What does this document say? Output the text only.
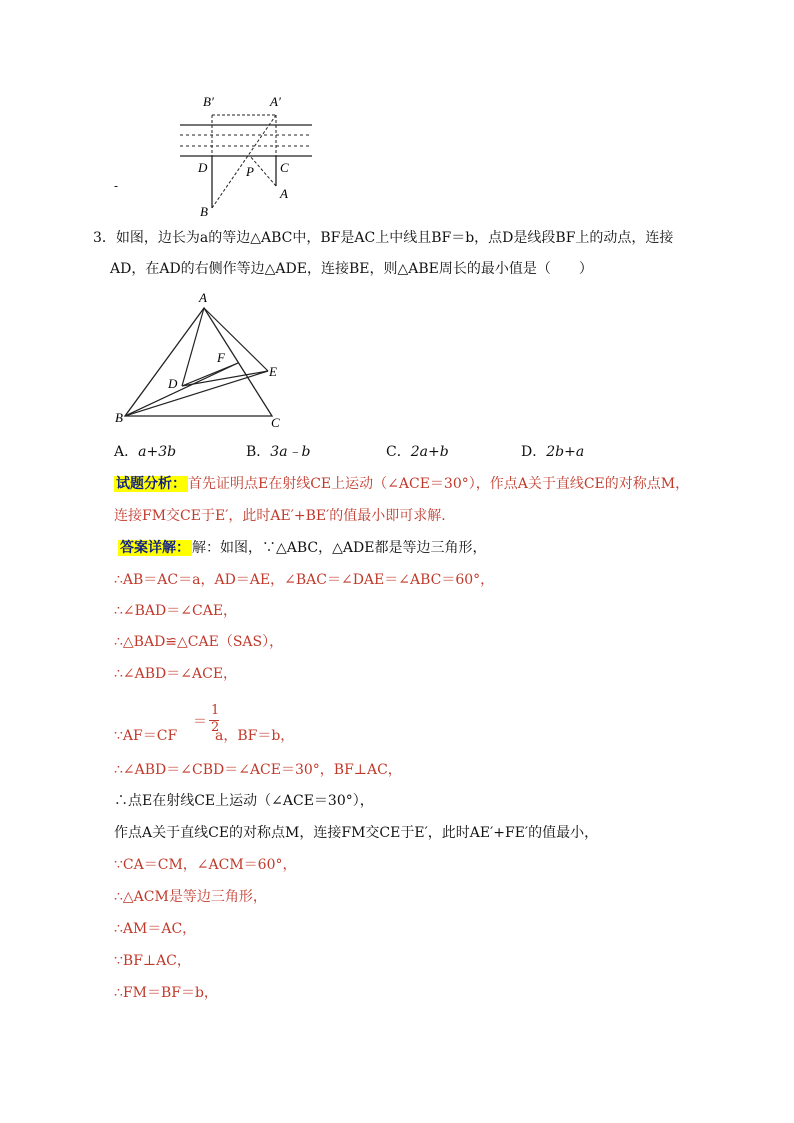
B′	A′
D	C
P
A
B
-
3．如图，边长为a的等边△ABC中，BF是AC上中线且BF＝b，点D是线段BF上的动点，连接
AD，在AD的右侧作等边△ADE，连接BE，则△ABE周长的最小值是（　　）
A
F
D
E
B	C
A．a+3b	B．3a﹣b	C．2a+b	D．2b+a
试题分析： 首先证明点E在射线CE上运动（∠ACE＝30°），作点A关于直线CE的对称点M，
连接FM交CE于E′，此时AE′+BE′的值最小即可求解.
答案详解： 解：如图，∵△ABC，△ADE都是等边三角形，
∴AB＝AC＝a，AD＝AE，∠BAC＝∠DAE＝∠ABC＝60°，
∴∠BAD＝∠CAE，
∴△BAD≌△CAE（SAS），
∴∠ABD＝∠ACE，
∵AF＝CF
＝
1
2
a，BF＝b，
∴∠ABD＝∠CBD＝∠ACE＝30°，BF⊥AC，
∴点E在射线CE上运动（∠ACE＝30°），
作点A关于直线CE的对称点M，连接FM交CE于E′，此时AE′+FE′的值最小，
∵CA＝CM，∠ACM＝60°，
∴△ACM是等边三角形，
∴AM＝AC，
∵BF⊥AC，
∴FM＝BF＝b，
